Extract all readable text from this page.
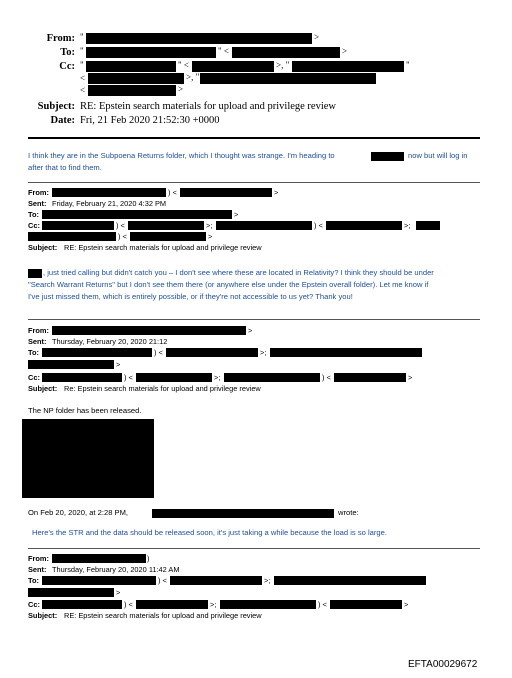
From: "	>
To: "	" <	>
Cc: "	" <	>, "	"
<	>, "
<	>
Subject: RE: Epstein search materials for upload and privilege review
Date: Fri, 21 Feb 2020 21:52:30 +0000
I think they are in the Subpoena Returns folder, which I thought was strange. I'm heading to	now but will log in
after that to find them.
From:	) <	>
Sent: Friday, February 21, 2020 4:32 PM
To:	>
Cc:	) <	>;	) <	>;
) <	>
Subject: RE: Epstein search materials for upload and privilege review
, just tried calling but didn't catch you – I don't see where these are located in Relativity? I think they should be under
"Search Warrant Returns" but I don't see them there (or anywhere else under the Epstein overall folder). Let me know if
I've just missed them, which is entirely possible, or if they're not accessible to us yet? Thank you!
From:	>
Sent: Thursday, February 20, 2020 21:12
To:	) <	>;
>
Cc:	) <	>;	) <	>
Subject: Re: Epstein search materials for upload and privilege review
The NP folder has been released.
On Feb 20, 2020, at 2:28 PM,	wrote:
Here's the STR and the data should be released soon, it's just taking a while because the load is so large.
From:	)
Sent: Thursday, February 20, 2020 11:42 AM
To:	) <	>;
>
Cc:	) <	>;	) <	>
Subject: RE: Epstein search materials for upload and privilege review
EFTA00029672
